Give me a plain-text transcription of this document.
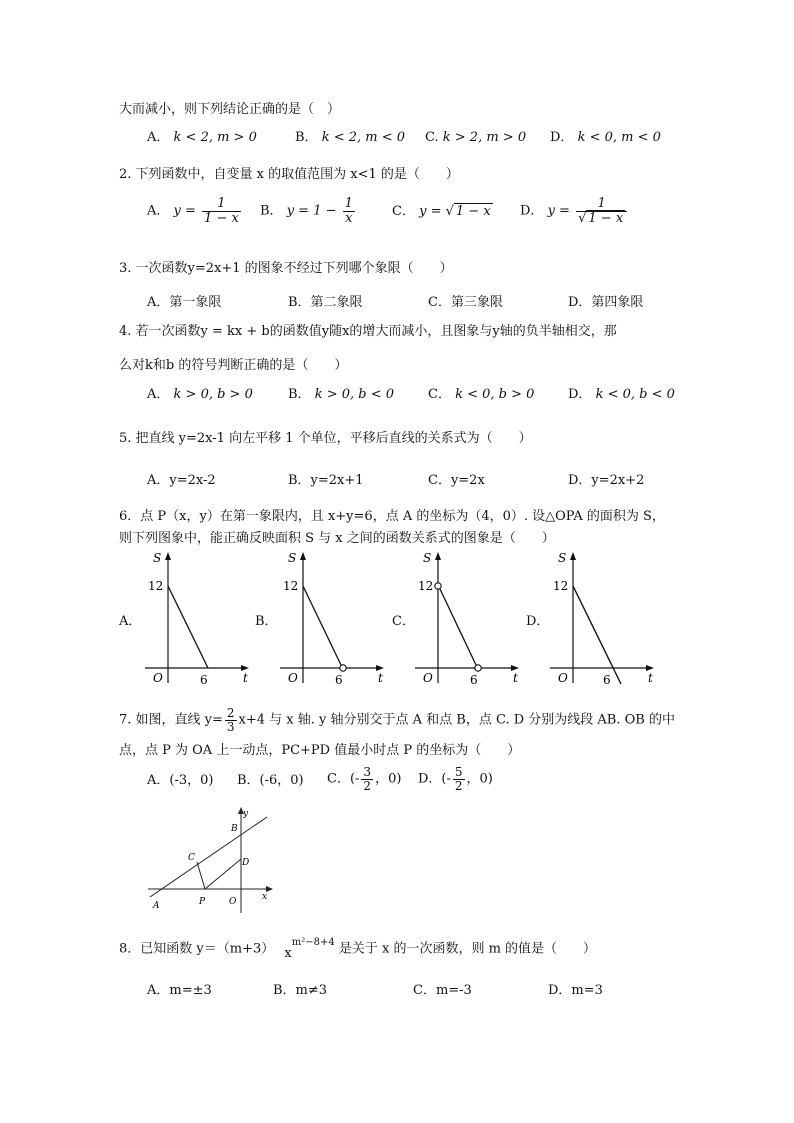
大而减小，则下列结论正确的是（　）
A． k < 2, m > 0	B． k < 2, m < 0 C. k > 2, m > 0 D． k < 0, m < 0
2. 下列函数中，自变量 x 的取值范围为 x<1 的是（　　）
A． $y = \frac{1}{1 - x}$ B． $y = 1 - \frac{1}{x}$	C． y = √ 1 − x D． $y = \frac{1}{√ 1 - x}$
3. 一次函数y=2x+1 的图象不经过下列哪个象限（　　）
A．第一象限	B．第二象限	C．第三象限	D．第四象限
4. 若一次函数y = kx + b的函数值y随x的增大而减小，且图象与y轴的负半轴相交，那
么对k和b 的符号判断正确的是（　　）
A． k > 0, b > 0	B． k > 0, b < 0	C． k < 0, b > 0	D． k < 0, b < 0
5. 把直线 y=2x-1 向左平移 1 个单位，平移后直线的关系式为（　　）
A．y=2x-2	B．y=2x+1	C．y=2x	D．y=2x+2
6．点 P（x，y）在第一象限内，且 x+y=6，点 A 的坐标为（4，0）. 设△OPA 的面积为 S，
则下列图象中，能正确反映面积 S 与 x 之间的函数关系式的图象是（　　）
A．	B．	C．	D．
S
t
12
O	6
S
t
12
O	6
S
t
12
O	6
S
t
12
O	6
7. 如图，直线 $y= \frac{2}{3} x+4$ 与 x 轴. y 轴分别交于点 A 和点 B，点 C. D 分别为线段 AB. OB 的中
点，点 P 为 OA 上一动点，PC+PD 值最小时点 P 的坐标为（　　）
A．(-3，0) B．(-6，0) C．(- $\frac{3}{2}$ ，0) D．(- $\frac{5}{2}$ ，0)
y
x
A
B
C	D
P	O
8．已知函数 y＝（m+3） $x^{m^2-8+4}$ 是关于 x 的一次函数，则 m 的值是（　　）
A．m=±3	B．m≠3	C．m=-3	D．m=3
